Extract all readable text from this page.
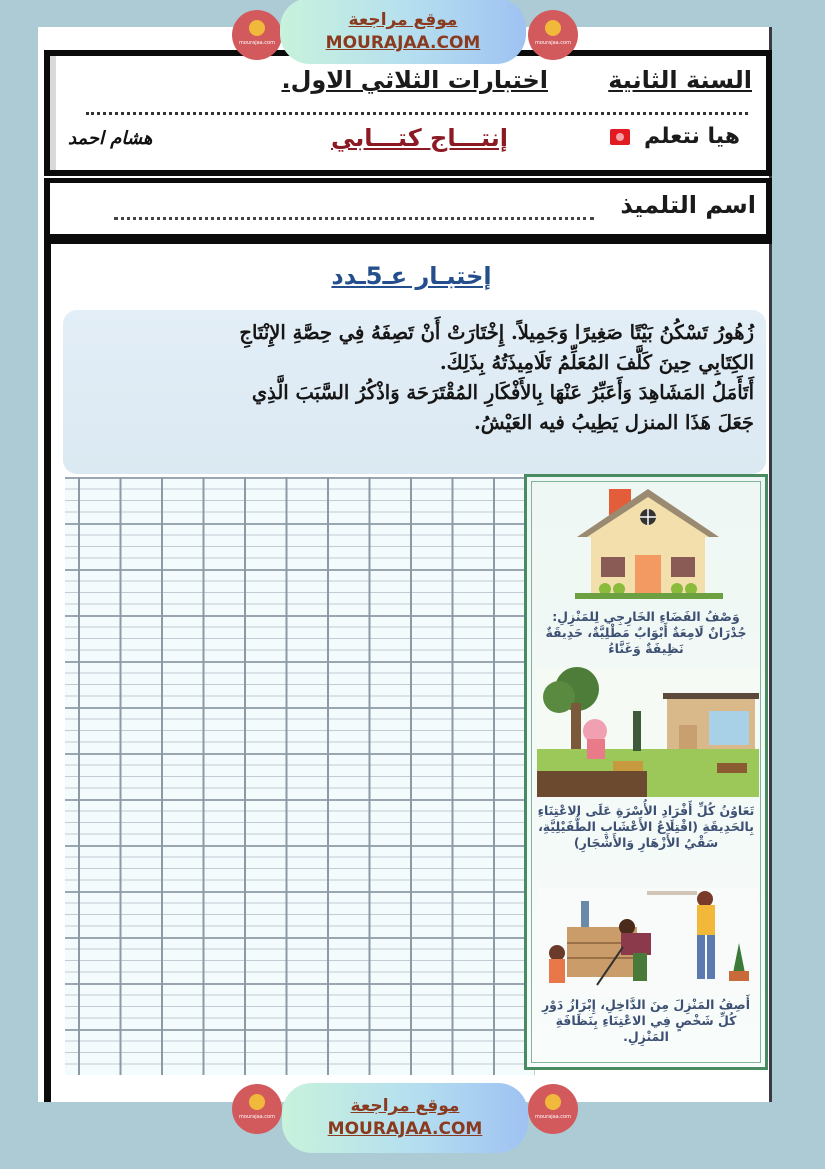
السنة الثانية
اختبارات الثلاثي الاول.
هيا نتعلم
إنتـــاج كتـــابي
هشام احمد
اسم التلميذ
إختبـار عـ5ـدد

زُهُورُ تَسْكُنُ بَيْتًا صَغِيرًا وَجَمِيلاً. إِخْتَارَتْ أَنْ تَصِفَهُ فِي حِصَّةِ الإِنْتَاجِ

الكِتَابِي حِينَ كَلَّفَ المُعَلِّمُ تَلَامِيذَتُهُ بِذَلِكَ.

أَتَأَمَلُ المَشَاهِدَ وَأَعَبِّرُ عَنْهَا بِالأَفْكَارِ المُقْتَرَحَة وَاذْكُرُ السَّبَبَ الَّذِي

جَعَلَ هَذَا المنزل يَطِيبُ فيه العَيْشُ.

وَصْفُ الفَضَاءِ الخَارِجِي لِلمَنْزِلِ: جُدْرَانٌ لَامِعَةٌ أَبْوَابٌ مَطْلِيَّةٌ، حَدِيقَةٌ نَظِيفَةٌ وَغَنَّاءُ
تَعَاوُنُ كُلِّ أَفْرَادِ الأُسْرَةِ عَلَى الاعْتِنَاءِ بِالحَدِيقَةِ (اقْتِلَاعُ الأَعْشَابِ الطُّفَيْلِيَّةِ، سَقْيُ الأَزْهَارِ وَالأَشْجَارِ)
أَصِفُ المَنْزِلَ مِنَ الدَّاخِلِ، إِبْرَازُ دَوْرِ كُلِّ شَخْصٍ فِي الاعْتِنَاءِ بِنَظَافَةِ المَنْزِلِ.
mourajaa.com
موقع مراجعة
MOURAJAA.COM	mourajaa.com
mourajaa.com
موقع مراجعة
MOURAJAA.COM
mourajaa.com
